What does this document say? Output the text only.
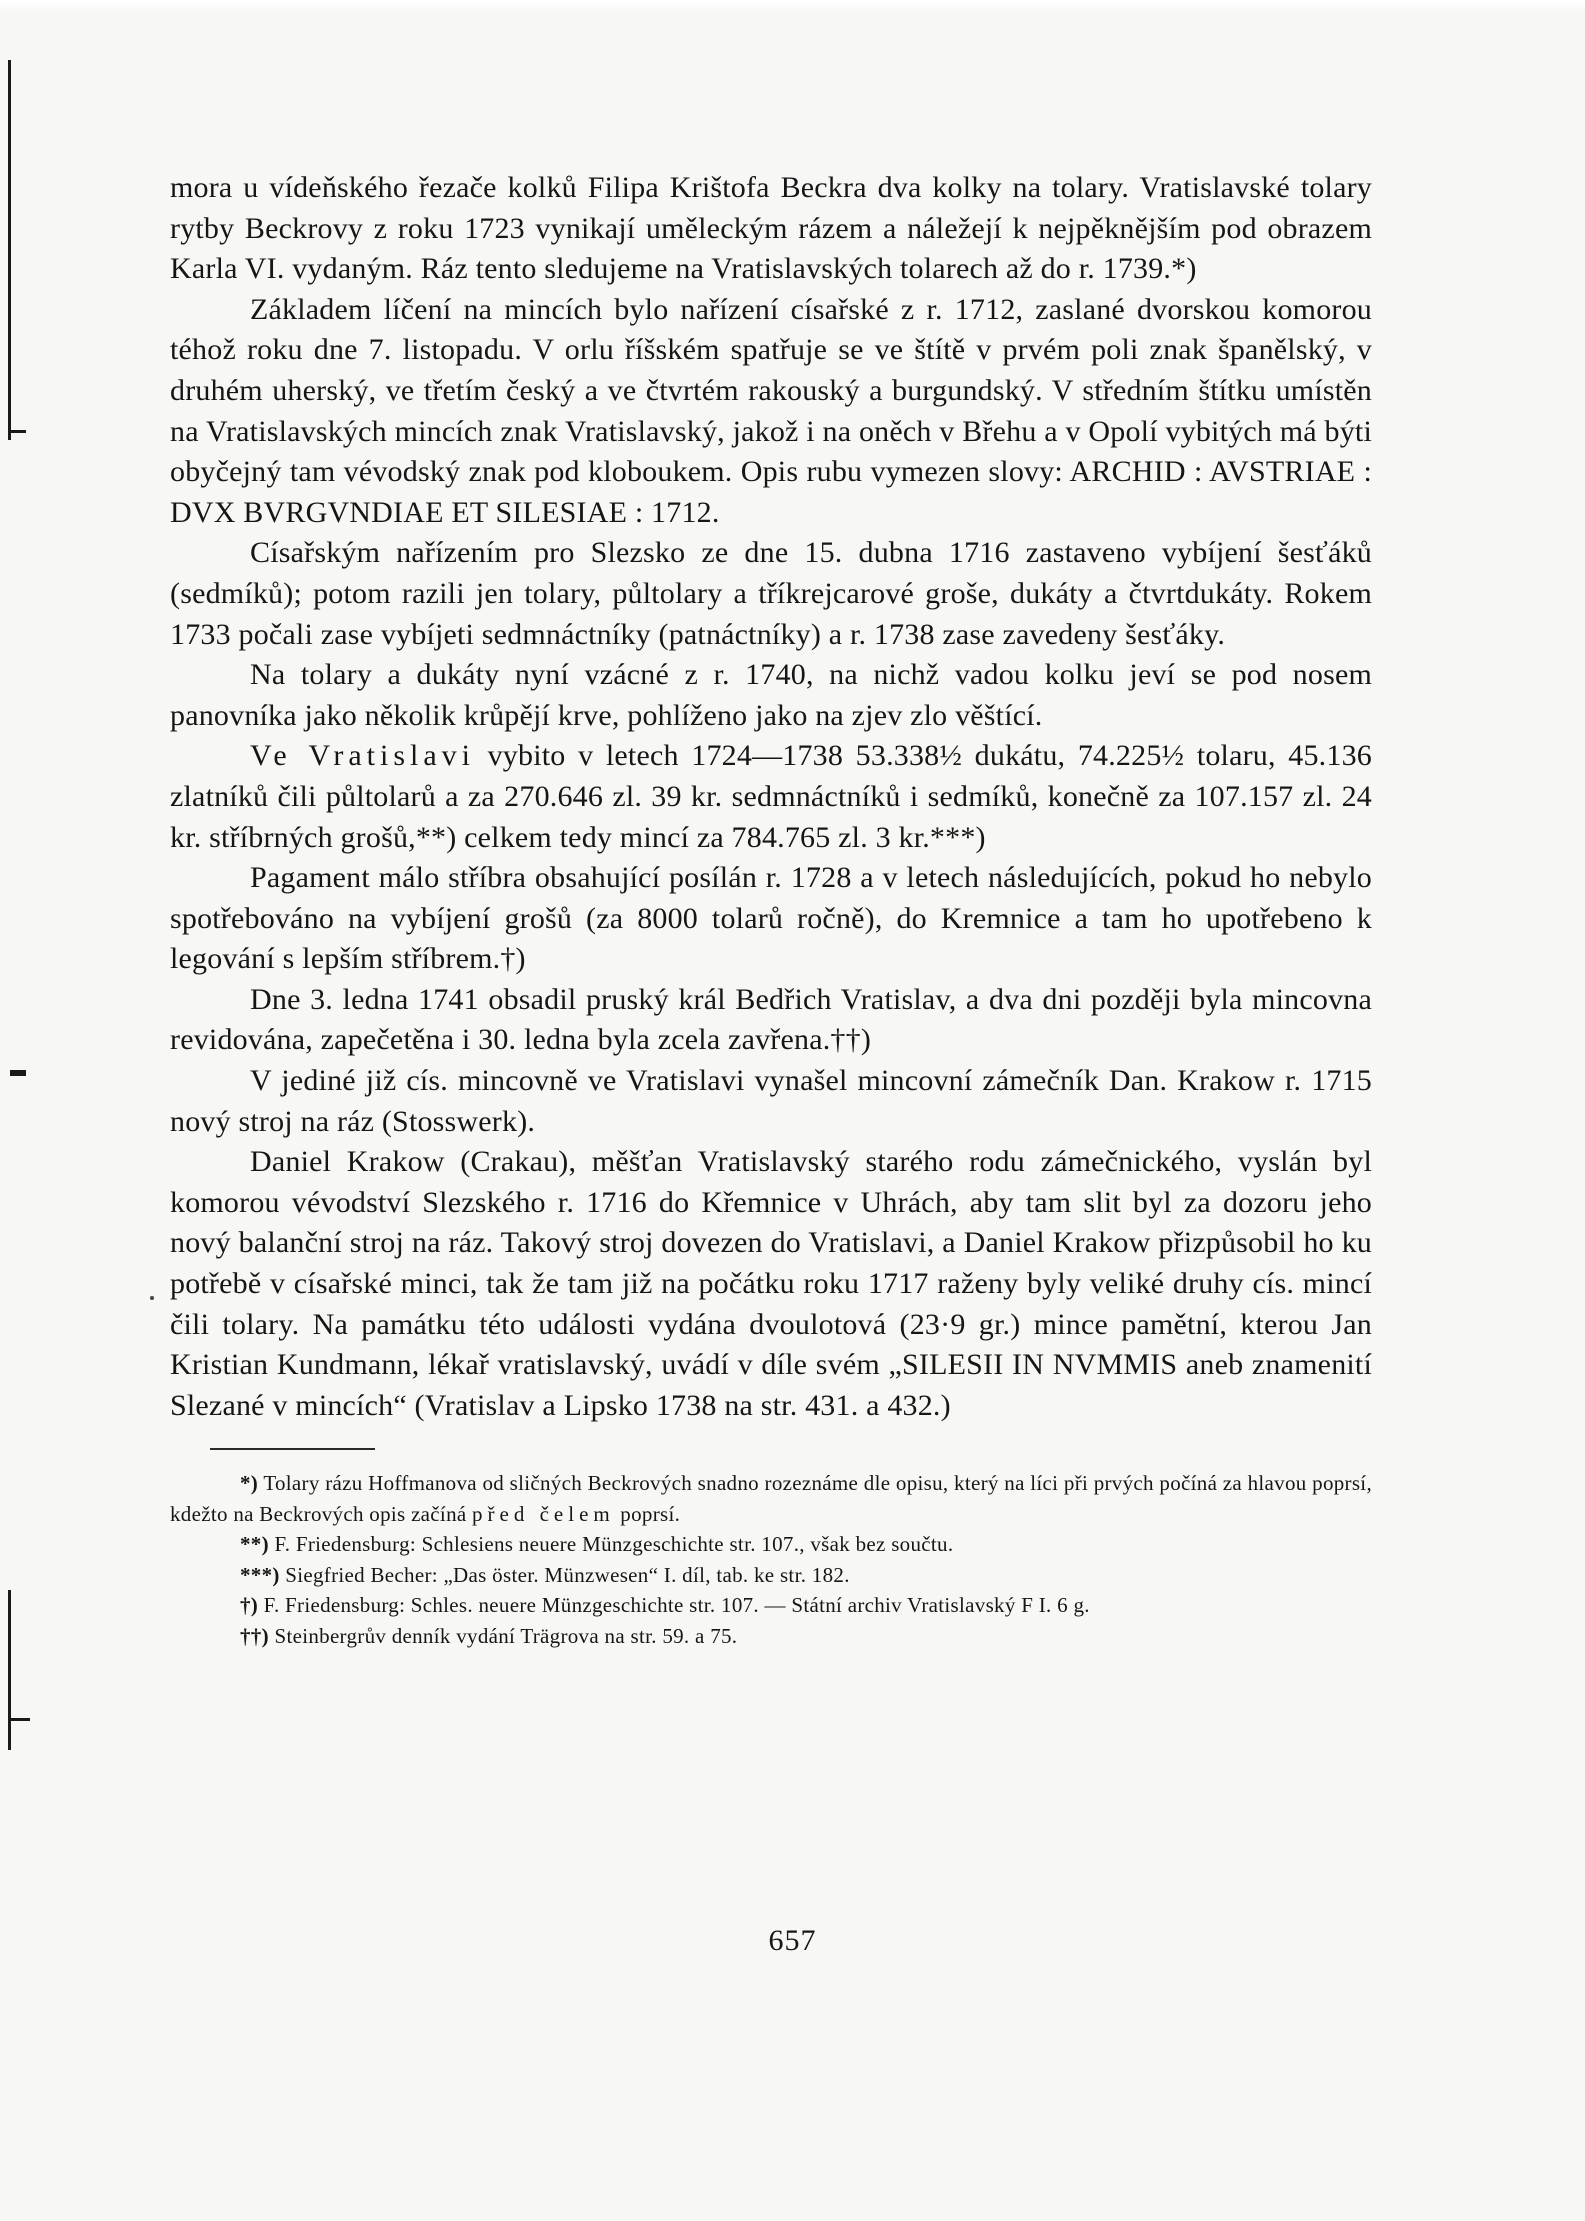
mora u vídeňského řezače kolků Filipa Krištofa Beckra dva kolky na tolary. Vratislavské tolary rytby Beckrovy z roku 1723 vynikají uměleckým rázem a náležejí k nejpěknějším pod obrazem Karla VI. vydaným. Ráz tento sledujeme na Vratislavských tolarech až do r. 1739.*)

Základem líčení na mincích bylo nařízení císařské z r. 1712, zaslané dvorskou komorou téhož roku dne 7. listopadu. V orlu říšském spatřuje se ve štítě v prvém poli znak španělský, v druhém uherský, ve třetím český a ve čtvrtém rakouský a burgundský. V středním štítku umístěn na Vratislavských mincích znak Vratislavský, jakož i na oněch v Břehu a v Opolí vybitých má býti obyčejný tam vévodský znak pod kloboukem. Opis rubu vymezen slovy: ARCHID : AVSTRIAE : DVX BVRGVNDIAE ET SILESIAE : 1712.

Císařským nařízením pro Slezsko ze dne 15. dubna 1716 zastaveno vybíjení šesťáků (sedmíků); potom razili jen tolary, půltolary a tříkrejcarové groše, dukáty a čtvrtdukáty. Rokem 1733 počali zase vybíjeti sedmnáctníky (patnáctníky) a r. 1738 zase zavedeny šesťáky.

Na tolary a dukáty nyní vzácné z r. 1740, na nichž vadou kolku jeví se pod nosem panovníka jako několik krůpějí krve, pohlíženo jako na zjev zlo věštící.

Ve Vratislavi vybito v letech 1724—1738 53.338½ dukátu, 74.225½ tolaru, 45.136 zlatníků čili půltolarů a za 270.646 zl. 39 kr. sedmnáctníků i sedmíků, konečně za 107.157 zl. 24 kr. stříbrných grošů,**) celkem tedy mincí za 784.765 zl. 3 kr.***)

Pagament málo stříbra obsahující posílán r. 1728 a v letech následujících, pokud ho nebylo spotřebováno na vybíjení grošů (za 8000 tolarů ročně), do Kremnice a tam ho upotřebeno k legování s lepším stříbrem.†)

Dne 3. ledna 1741 obsadil pruský král Bedřich Vratislav, a dva dni později byla mincovna revidována, zapečetěna i 30. ledna byla zcela zavřena.††)

V jediné již cís. mincovně ve Vratislavi vynašel mincovní zámečník Dan. Krakow r. 1715 nový stroj na ráz (Stosswerk).

Daniel Krakow (Crakau), měšťan Vratislavský starého rodu zámečnického, vyslán byl komorou vévodství Slezského r. 1716 do Křemnice v Uhrách, aby tam slit byl za dozoru jeho nový balanční stroj na ráz. Takový stroj dovezen do Vratislavi, a Daniel Krakow přizpůsobil ho ku potřebě v císařské minci, tak že tam již na počátku roku 1717 raženy byly veliké druhy cís. mincí čili tolary. Na památku této události vydána dvoulotová (23·9 gr.) mince pamětní, kterou Jan Kristian Kundmann, lékař vratislavský, uvádí v díle svém „SILESII IN NVMMIS aneb znamenití Slezané v mincích“ (Vratislav a Lipsko 1738 na str. 431. a 432.)

*) Tolary rázu Hoffmanova od sličných Beckrových snadno rozeznáme dle opisu, který na líci při prvých počíná za hlavou poprsí, kdežto na Beckrových opis začíná před čelem poprsí.

**) F. Friedensburg: Schlesiens neuere Münzgeschichte str. 107., však bez součtu.

***) Siegfried Becher: „Das öster. Münzwesen“ I. díl, tab. ke str. 182.

†) F. Friedensburg: Schles. neuere Münzgeschichte str. 107. — Státní archiv Vratislavský F I. 6 g.

††) Steinbergrův denník vydání Trägrova na str. 59. a 75.

657
